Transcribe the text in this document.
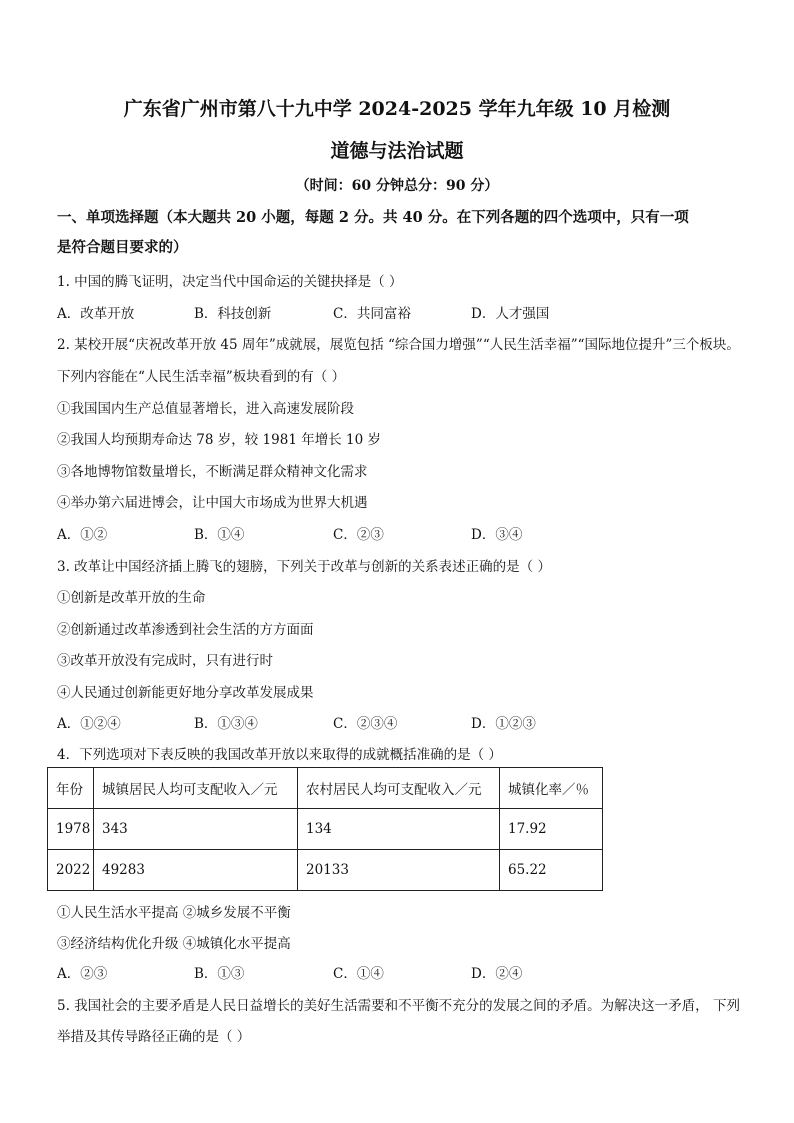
广东省广州市第八十九中学 2024-2025 学年九年级 10 月检测
道德与法治试题
（时间：60 分钟总分：90 分）
一、单项选择题（本大题共 20 小题，每题 2 分。共 40 分。在下列各题的四个选项中，只有一项
是符合题目要求的）
1. 中国的腾飞证明，决定当代中国命运的关键抉择是（ ）
A．改革开放	B．科技创新	C．共同富裕	D．人才强国
2. 某校开展“庆祝改革开放 45 周年”成就展，展览包括 “综合国力增强”“人民生活幸福”“国际地位提升”三个板块。
下列内容能在“人民生活幸福”板块看到的有（ ）
①我国国内生产总值显著增长，进入高速发展阶段
②我国人均预期寿命达 78 岁，较 1981 年增长 10 岁
③各地博物馆数量增长，不断满足群众精神文化需求
④举办第六届进博会，让中国大市场成为世界大机遇
A．①②	B．①④	C．②③	D．③④
3. 改革让中国经济插上腾飞的翅膀，下列关于改革与创新的关系表述正确的是（ ）
①创新是改革开放的生命
②创新通过改革渗透到社会生活的方方面面
③改革开放没有完成时，只有进行时
④人民通过创新能更好地分享改革发展成果
A．①②④	B．①③④	C．②③④	D．①②③
4．下列选项对下表反映的我国改革开放以来取得的成就概括准确的是（ ）
年份	城镇居民人均可支配收入／元	农村居民人均可支配收入／元	城镇化率／％
1978	343	134	17.92
2022	49283	20133	65.22
①人民生活水平提高 ②城乡发展不平衡
③经济结构优化升级 ④城镇化水平提高
A．②③	B．①③	C．①④	D．②④
5. 我国社会的主要矛盾是人民日益增长的美好生活需要和不平衡不充分的发展之间的矛盾。为解决这一矛盾， 下列
举措及其传导路径正确的是（ ）
